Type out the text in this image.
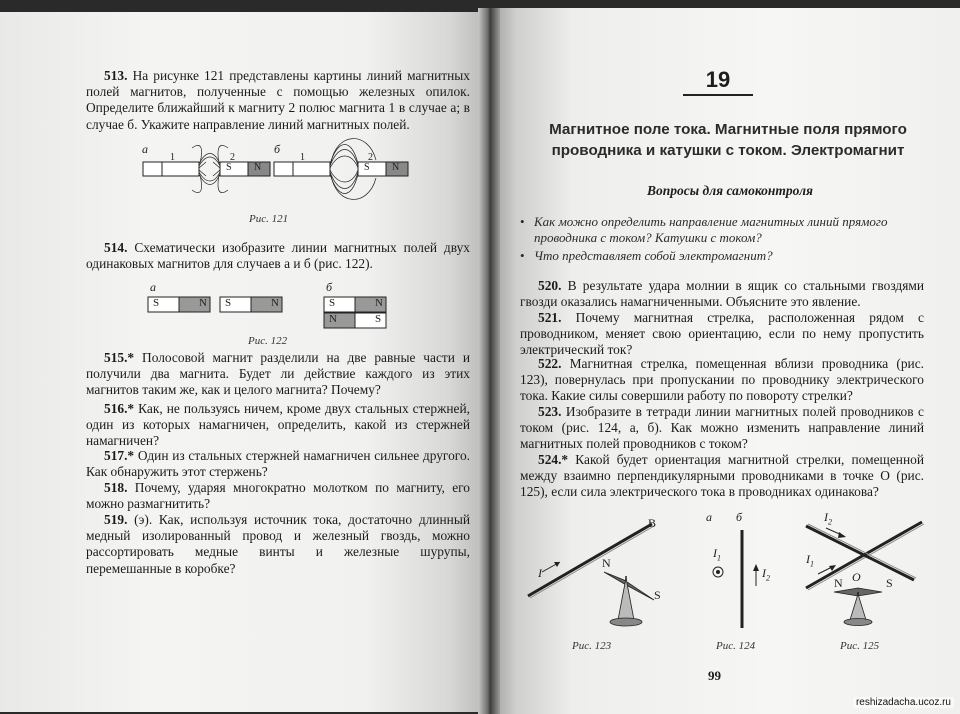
513. На рисунке 121 представлены картины линий магнитных полей магнитов, полученные с помощью железных опилок. Определите ближайший к магниту 2 полюс магнита 1 в случае а; в случае б. Укажите направление линий магнитных полей.

а	б
1	2	1	2
S N	S N
Рис. 121

514. Схематически изобразите линии магнитных полей двух одинаковых магнитов для случаев а и б (рис. 122).

а	б
S	N S	N	S	N
N	S
Рис. 122

515.* Полосовой магнит разделили на две равные части и получили два магнита. Будет ли действие каждого из этих магнитов таким же, как и целого магнита? Почему?

516.* Как, не пользуясь ничем, кроме двух стальных стержней, один из которых намагничен, определить, какой из стержней намагничен?

517.* Один из стальных стержней намагничен сильнее другого. Как обнаружить этот стержень?

518. Почему, ударяя многократно молотком по магниту, его можно размагнитить?

519. (э). Как, используя источник тока, достаточно длинный медный изолированный провод и железный гвоздь, можно рассортировать медные винты и железные шурупы, перемешанные в коробке?

19
Магнитное поле тока. Магнитные поля прямого проводника и катушки с током. Электромагнит
Вопросы для самоконтроля

• Как можно определить направление магнитных линий прямого проводника с током? Катушки с током?

• Что представляет собой электромагнит?

520. В результате удара молнии в ящик со стальными гвоздями гвозди оказались намагниченными. Объясните это явление.

521. Почему магнитная стрелка, расположенная рядом с проводником, меняет свою ориентацию, если по нему пропустить электрический ток?

522. Магнитная стрелка, помещенная вблизи проводника (рис. 123), повернулась при пропускании по проводнику электрического тока. Какие силы совершили работу по повороту стрелки?

523. Изобразите в тетради линии магнитных полей проводников с током (рис. 124, а, б). Как можно изменить направление линий магнитных полей проводников с током?

524.* Какой будет ориентация магнитной стрелки, помещенной между взаимно перпендикулярными проводниками в точке О (рис. 125), если сила электрического тока в проводниках одинакова?

B
I
N
S
Рис. 123
а б
$I_1$
$I_2$
Рис. 124
$I_2$
$I_1$
N O S
Рис. 125
99
reshizadacha.ucoz.ru
